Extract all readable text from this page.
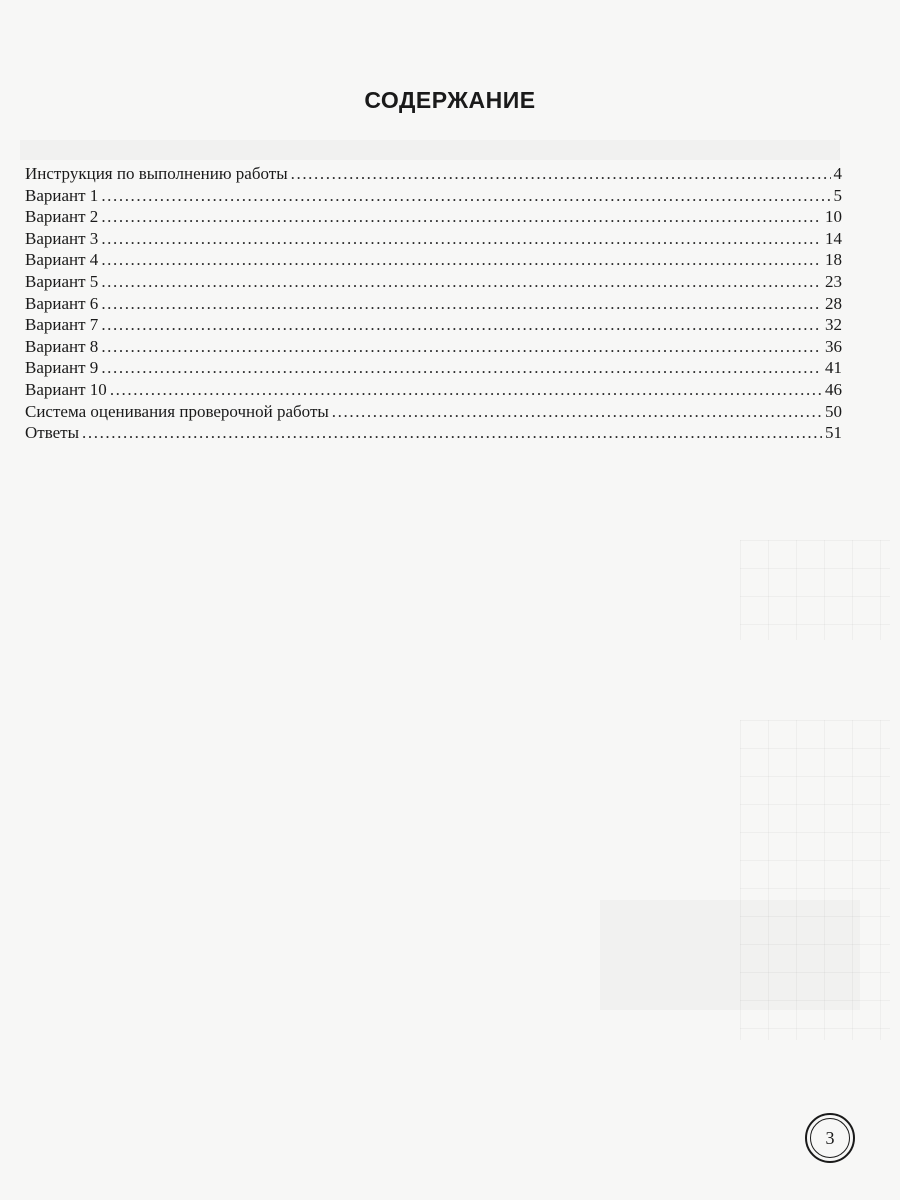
СОДЕРЖАНИЕ
Инструкция по выполнению работы .....	4
Вариант 1 .....	5
Вариант 2 .....	10
Вариант 3 .....	14
Вариант 4 .....	18
Вариант 5 .....	23
Вариант 6 .....	28
Вариант 7 .....	32
Вариант 8 .....	36
Вариант 9 .....	41
Вариант 10 .....	46
Система оценивания проверочной работы .....	50
Ответы .....	51
3
